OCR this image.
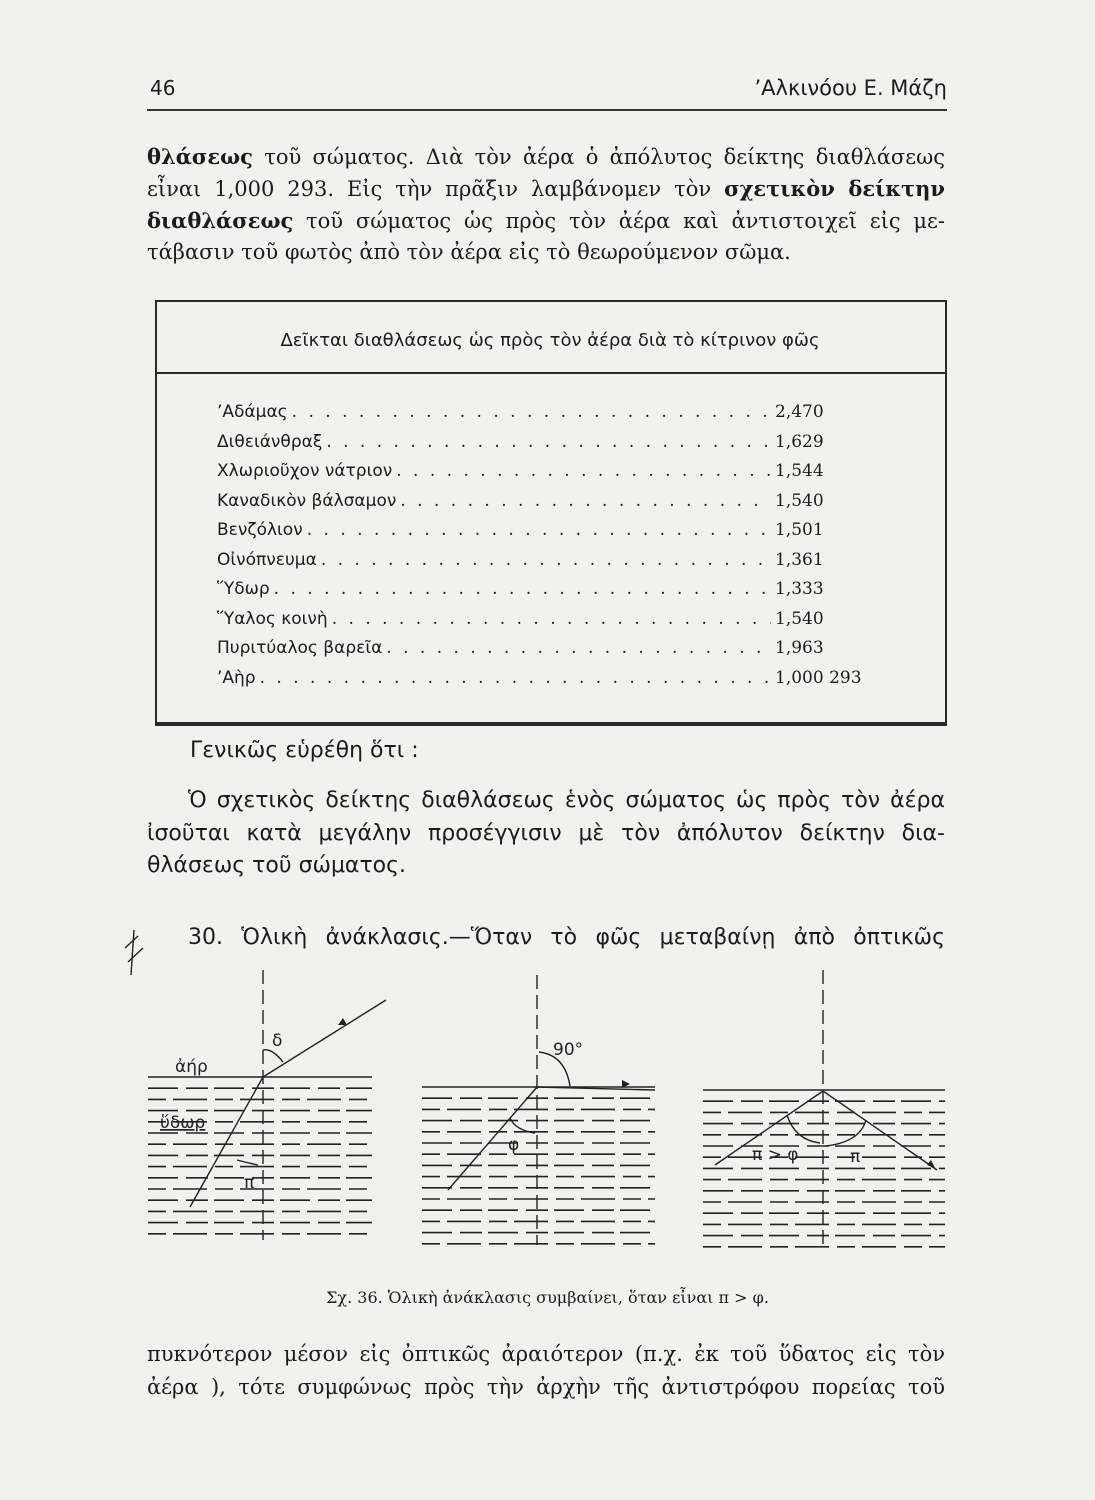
46	’Αλκινόου Ε. Μάζη
θλάσεως τοῦ σώματος. Διὰ τὸν ἀέρα ὁ ἀπόλυτος δείκτης διαθλάσεως
εἶναι 1,000 293. Εἰς τὴν πρᾶξιν λαμβάνομεν τὸν σχετικὸν δείκτην
διαθλάσεως τοῦ σώματος ὡς πρὸς τὸν ἀέρα καὶ ἀντιστοιχεῖ εἰς με-
τάβασιν τοῦ φωτὸς ἀπὸ τὸν ἀέρα εἰς τὸ θεωρούμενον σῶμα.
Δεῖκται διαθλάσεως ὡς πρὸς τὸν ἀέρα διὰ τὸ κίτρινον φῶς
’Αδάμας . . .	2,470
Διθειάνθραξ . . .	1,629
Χλωριοῦχον νάτριον . . .	1,544
Καναδικὸν βάλσαμον . . .	1,540
Βενζόλιον . . .	1,501
Οἰνόπνευμα . . .	1,361
Ὕδωρ . . .	1,333
Ὕαλος κοινὴ . . .	1,540
Πυριτύαλος βαρεῖα . . .	1,963
’Αὴρ . . .	1,000 293
Γενικῶς εὑρέθη ὅτι :
Ὁ σχετικὸς δείκτης διαθλάσεως ἑνὸς σώματος ὡς πρὸς τὸν ἀέρα
ἰσοῦται κατὰ μεγάλην προσέγγισιν μὲ τὸν ἀπόλυτον δείκτην δια-
θλάσεως τοῦ σώματος.
30. Ὁλικὴ ἀνάκλασις.—Ὅταν τὸ φῶς μεταβαίνῃ ἀπὸ ὀπτικῶς
ἀήρ
ὕδωρ
δ
π
90°
φ	π > φ	π
Σχ. 36. Ὁλικὴ ἀνάκλασις συμβαίνει, ὅταν εἶναι π > φ.
πυκνότερον μέσον εἰς ὀπτικῶς ἀραιότερον (π.χ. ἐκ τοῦ ὕδατος εἰς τὸν
ἀέρα ), τότε συμφώνως πρὸς τὴν ἀρχὴν τῆς ἀντιστρόφου πορείας τοῦ
